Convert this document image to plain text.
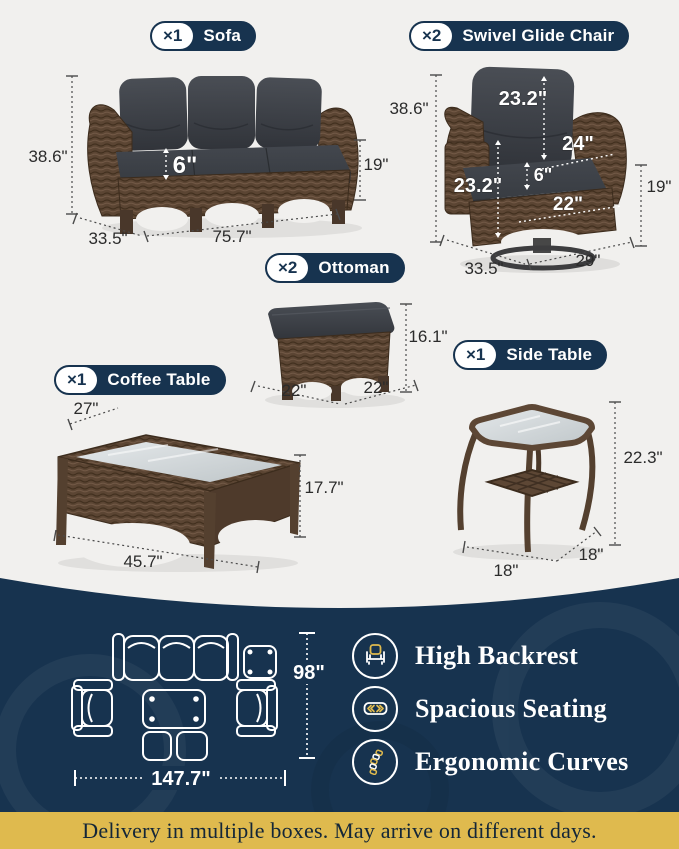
×1	Sofa	×2	Swivel Glide Chair
×2	Ottoman
×1	Coffee Table
×1	Side Table
6"
38.6"	19"
33.5"	75.7"
23.2"
24"
6"
23.2"
22"
38.6"
19"
33.5"	29"
16.1"
22"	22"
27"
17.7"
45.7"
22.3"
18"
18"
98"
147.7"
High Backrest
Spacious Seating
Ergonomic Curves
Delivery in multiple boxes. May arrive on different days.
